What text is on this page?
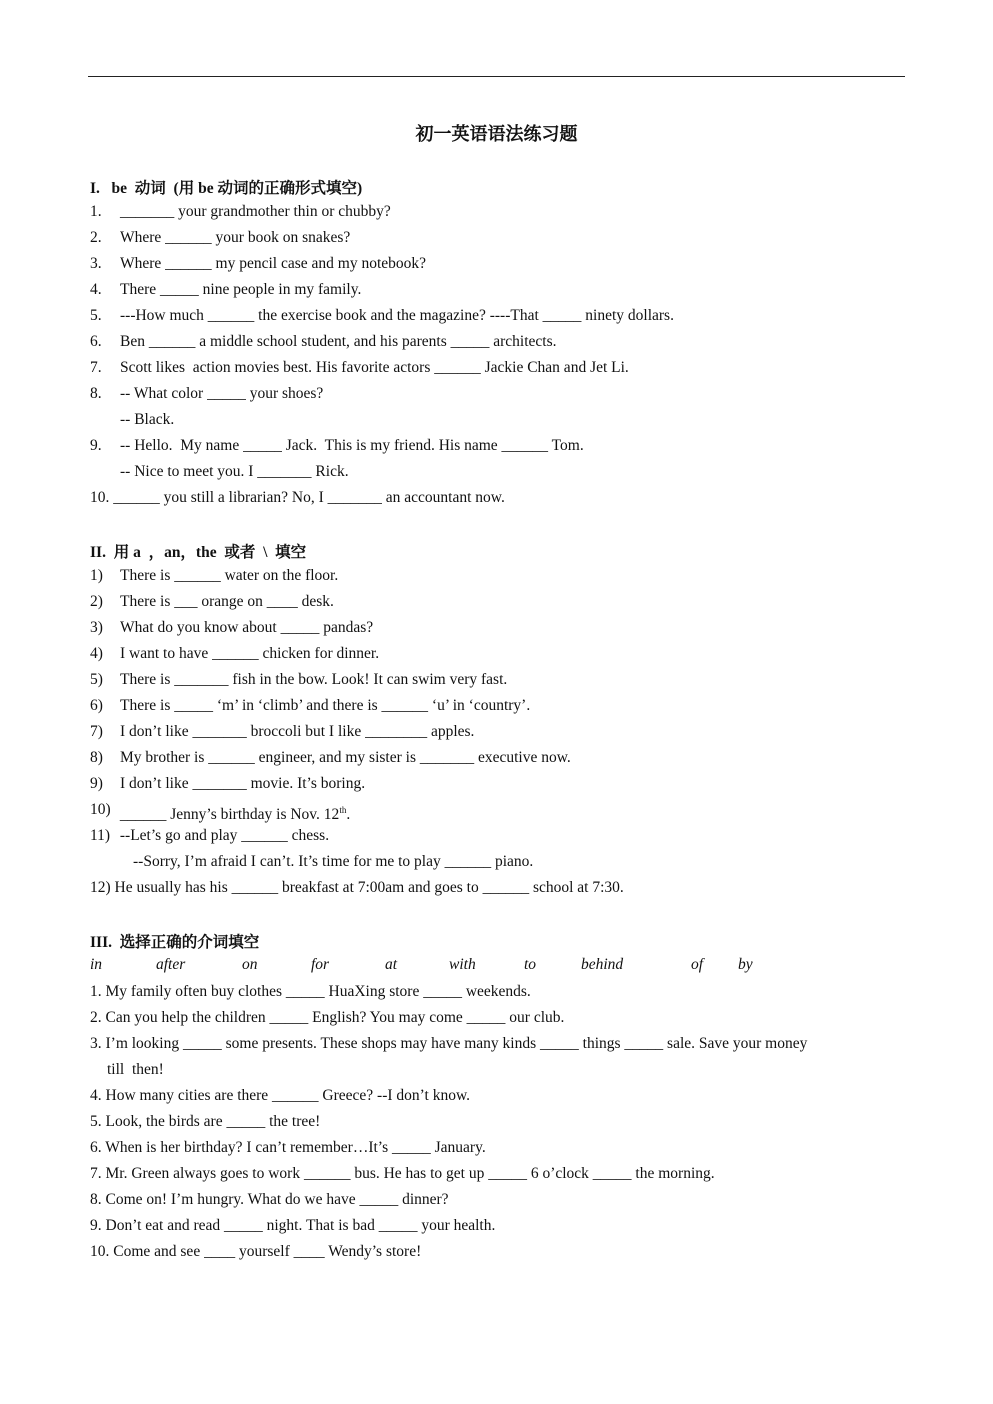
初一英语语法练习题
I.   be  动词  (用 be 动词的正确形式填空)
1. _______ your grandmother thin or chubby?
2. Where ______ your book on snakes?
3. Where ______ my pencil case and my notebook?
4. There _____ nine people in my family.
5. ---How much ______ the exercise book and the magazine? ----That _____ ninety dollars.
6. Ben ______ a middle school student, and his parents _____ architects.
7. Scott likes  action movies best. His favorite actors ______ Jackie Chan and Jet Li.
8. -- What color _____ your shoes?
-- Black.
9. -- Hello.  My name _____ Jack.  This is my friend. His name ______ Tom.
-- Nice to meet you. I _______ Rick.
10. ______ you still a librarian? No, I _______ an accountant now.
II.  用 a  ，an，the  或者  \  填空
1) There is ______ water on the floor.
2) There is ___ orange on ____ desk.
3) What do you know about _____ pandas?
4) I want to have ______ chicken for dinner.
5) There is _______ fish in the bow. Look! It can swim very fast.
6) There is _____ ‘m’ in ‘climb’ and there is ______ ‘u’ in ‘country’.
7) I don’t like _______ broccoli but I like ________ apples.
8) My brother is ______ engineer, and my sister is _______ executive now.
9) I don’t like _______ movie. It’s boring.
10) ______ Jenny’s birthday is Nov. 12th.
11) --Let’s go and play ______ chess.
--Sorry, I’m afraid I can’t. It’s time for me to play ______ piano.
12) He usually has his ______ breakfast at 7:00am and goes to ______ school at 7:30.
III.  选择正确的介词填空
in	after	on	for	at	with	to	behind	of by
1. My family often buy clothes _____ HuaXing store _____ weekends.
2. Can you help the children _____ English? You may come _____ our club.
3. I’m looking _____ some presents. These shops may have many kinds _____ things _____ sale. Save your money
till  then!
4. How many cities are there ______ Greece? --I don’t know.
5. Look, the birds are _____ the tree!
6. When is her birthday? I can’t remember…It’s _____ January.
7. Mr. Green always goes to work ______ bus. He has to get up _____ 6 o’clock _____ the morning.
8. Come on! I’m hungry. What do we have _____ dinner?
9. Don’t eat and read _____ night. That is bad _____ your health.
10. Come and see ____ yourself ____ Wendy’s store!
